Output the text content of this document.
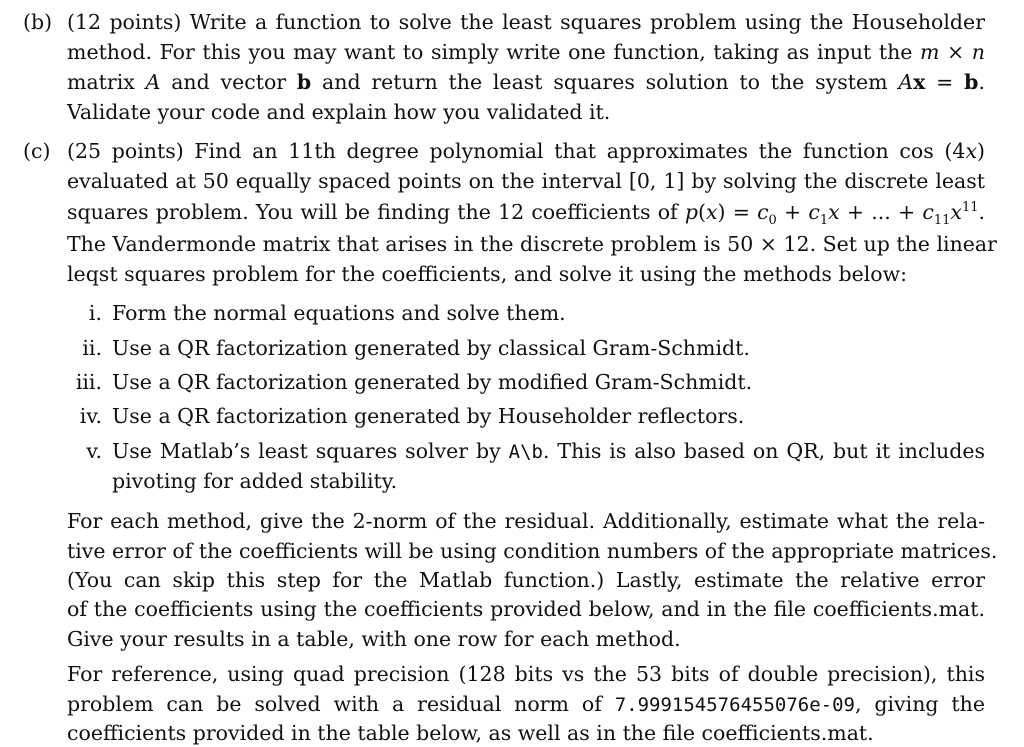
(b) (12 points) Write a function to solve the least squares problem using the Householder
method. For this you may want to simply write one function, taking as input the m × n
matrix A and vector b and return the least squares solution to the system Ax = b.
Validate your code and explain how you validated it.
(c) (25 points) Find an 11th degree polynomial that approximates the function cos (4x)
evaluated at 50 equally spaced points on the interval [0, 1] by solving the discrete least
squares problem. You will be finding the 12 coefficients of $p(x) = c_0 + c_1x$ + ... + $c_{11}x^{11}$.
The Vandermonde matrix that arises in the discrete problem is 50 × 12. Set up the linear
leqst squares problem for the coefficients, and solve it using the methods below:
i. Form the normal equations and solve them.
ii. Use a QR factorization generated by classical Gram-Schmidt.
iii. Use a QR factorization generated by modified Gram-Schmidt.
iv. Use a QR factorization generated by Householder reflectors.
v. Use Matlab’s least squares solver by A\b. This is also based on QR, but it includes
pivoting for added stability.
For each method, give the 2-norm of the residual. Additionally, estimate what the rela-
tive error of the coefficients will be using condition numbers of the appropriate matrices.
(You can skip this step for the Matlab function.) Lastly, estimate the relative error
of the coefficients using the coefficients provided below, and in the file coefficients.mat.
Give your results in a table, with one row for each method.
For reference, using quad precision (128 bits vs the 53 bits of double precision), this
problem can be solved with a residual norm of 7.999154576455076e-09, giving the
coefficients provided in the table below, as well as in the file coefficients.mat.
